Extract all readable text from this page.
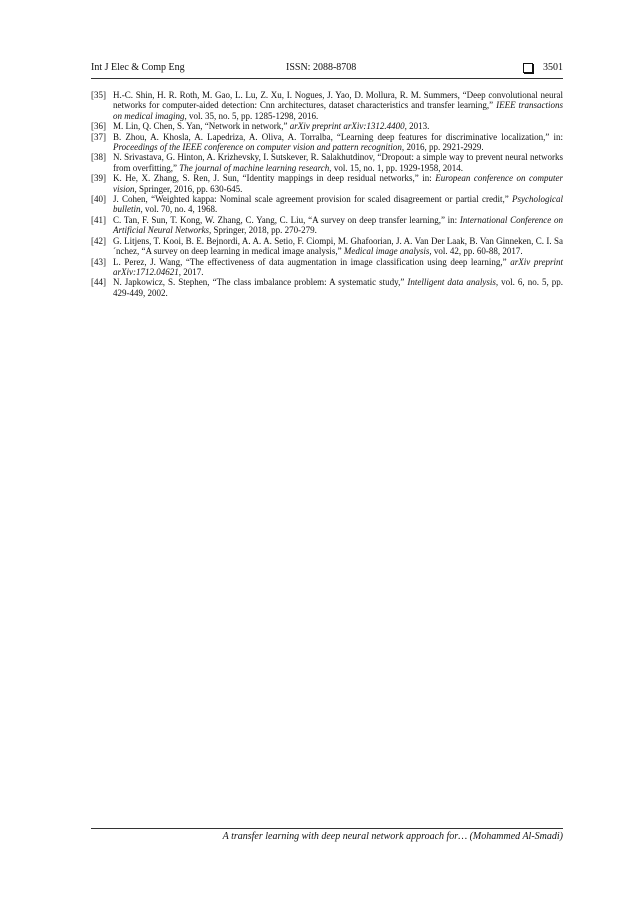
Int J Elec & Comp Eng	ISSN: 2088-8708	3501
[35] H.-C. Shin, H. R. Roth, M. Gao, L. Lu, Z. Xu, I. Nogues, J. Yao, D. Mollura, R. M. Summers, “Deep convolutional neural networks for computer-aided detection: Cnn architectures, dataset characteristics and transfer learning,” IEEE transactions on medical imaging, vol. 35, no. 5, pp. 1285-1298, 2016.
[36] M. Lin, Q. Chen, S. Yan, “Network in network,” arXiv preprint arXiv:1312.4400, 2013.
[37] B. Zhou, A. Khosla, A. Lapedriza, A. Oliva, A. Torralba, “Learning deep features for discriminative localization,” in: Proceedings of the IEEE conference on computer vision and pattern recognition, 2016, pp. 2921-2929.
[38] N. Srivastava, G. Hinton, A. Krizhevsky, I. Sutskever, R. Salakhutdinov, “Dropout: a simple way to prevent neural networks from overfitting,” The journal of machine learning research, vol. 15, no. 1, pp. 1929-1958, 2014.
[39] K. He, X. Zhang, S. Ren, J. Sun, “Identity mappings in deep residual networks,” in: European conference on computer vision, Springer, 2016, pp. 630-645.
[40] J. Cohen, “Weighted kappa: Nominal scale agreement provision for scaled disagreement or partial credit,” Psychological bulletin, vol. 70, no. 4, 1968.
[41] C. Tan, F. Sun, T. Kong, W. Zhang, C. Yang, C. Liu, “A survey on deep transfer learning,” in: International Conference on Artificial Neural Networks, Springer, 2018, pp. 270-279.
[42] G. Litjens, T. Kooi, B. E. Bejnordi, A. A. A. Setio, F. Ciompi, M. Ghafoorian, J. A. Van Der Laak, B. Van Ginneken, C. I. Sa´nchez, “A survey on deep learning in medical image analysis,” Medical image analysis, vol. 42, pp. 60-88, 2017.
[43] L. Perez, J. Wang, “The effectiveness of data augmentation in image classification using deep learning,” arXiv preprint arXiv:1712.04621, 2017.
[44] N. Japkowicz, S. Stephen, “The class imbalance problem: A systematic study,” Intelligent data analysis, vol. 6, no. 5, pp. 429-449, 2002.
A transfer learning with deep neural network approach for… (Mohammed Al-Smadi)
